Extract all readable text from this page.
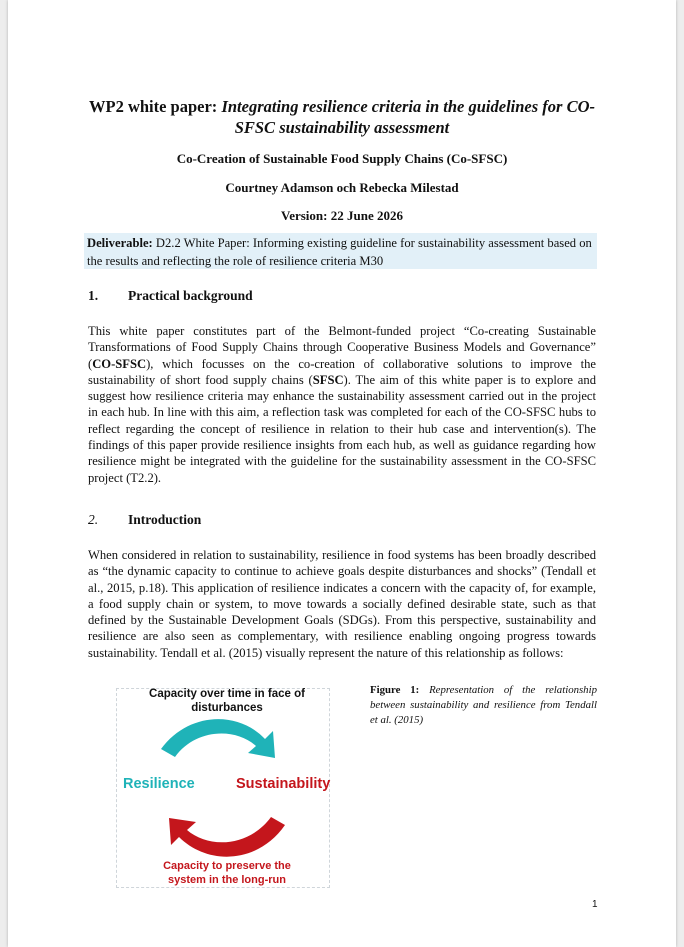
WP2 white paper: Integrating resilience criteria in the guidelines for CO-SFSC sustainability assessment
Co-Creation of Sustainable Food Supply Chains (Co-SFSC)
Courtney Adamson och Rebecka Milestad
Version: 22 June 2026
Deliverable: D2.2 White Paper: Informing existing guideline for sustainability assessment based on the results and reflecting the role of resilience criteria M30
1. Practical background
This white paper constitutes part of the Belmont-funded project “Co-creating Sustainable Transformations of Food Supply Chains through Cooperative Business Models and Governance” (CO-SFSC), which focusses on the co-creation of collaborative solutions to improve the sustainability of short food supply chains (SFSC). The aim of this white paper is to explore and suggest how resilience criteria may enhance the sustainability assessment carried out in the project in each hub. In line with this aim, a reflection task was completed for each of the CO-SFSC hubs to reflect regarding the concept of resilience in relation to their hub case and intervention(s). The findings of this paper provide resilience insights from each hub, as well as guidance regarding how resilience might be integrated with the guideline for the sustainability assessment in the CO-SFSC project (T2.2).
2. Introduction
When considered in relation to sustainability, resilience in food systems has been broadly described as “the dynamic capacity to continue to achieve goals despite disturbances and shocks” (Tendall et al., 2015, p.18). This application of resilience indicates a concern with the capacity of, for example, a food supply chain or system, to move towards a socially defined desirable state, such as that defined by the Sustainable Development Goals (SDGs). From this perspective, sustainability and resilience are also seen as complementary, with resilience enabling ongoing progress towards sustainability. Tendall et al. (2015) visually represent the nature of this relationship as follows:
Capacity over time in face of disturbances
Resilience	Sustainability
Capacity to preserve the system in the long-run
Figure 1: Representation of the relationship between sustainability and resilience from Tendall et al. (2015)
1
